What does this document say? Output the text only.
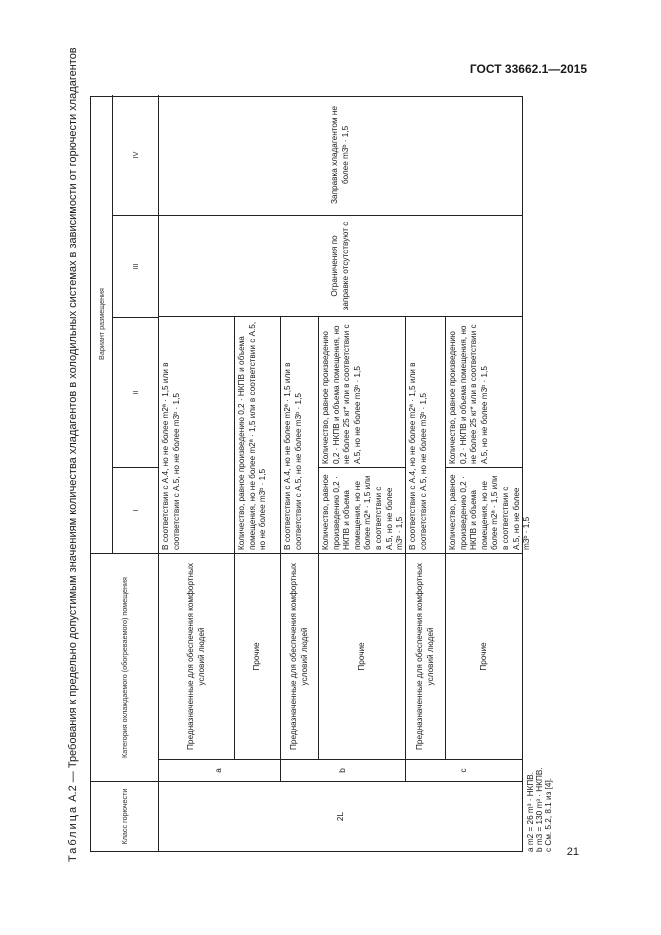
ГОСТ 33662.1—2015
Таблица А.2 — Требования к предельно допустимым значениям количества хладагентов в холодильных системах в зависимости от горючести хладагентов
Класс горючести
Категория охлаждаемого (обогреваемого) помещения
Вариант размещения
I
II
III
IV
2L
a	b	c
Предназначенные для обеспечения комфортных условий людей
В соответствии с А.4, но не более m2ª · 1,5 или в соответствии с А.5, но не более m3ᵇ · 1,5
Прочие
Количество, равное произведению 0,2 · НКПВ и объема помещения, но не более m2ª · 1,5 или в соответствии с А.5, но не более m3ᵇ · 1,5
Предназначенные для обеспечения комфортных условий людей
В соответствии с А.4, но не более m2ª · 1,5 или в соответствии с А.5, но не более m3ᵇ · 1,5
Прочие
Количество, равное произведению 0,2 · НКПВ и объема помещения, но не более m2ª · 1,5 или в соответствии с А.5, но не более m3ᵇ · 1,5
Количество, равное произведению 0,2 · НКПВ и объема помещения, но не более 25 кг* или в соответствии с А.5, но не более m3ᵇ · 1,5
Предназначенные для обеспечения комфортных условий людей
В соответствии с А.4, но не более m2ª · 1,5 или в соответствии с А.5, но не более m3ᵇ · 1,5
Прочие
Количество, равное произведению 0,2 · НКПВ и объема помещения, но не более m2ª · 1,5 или в соответствии с А.5, но не более m3ᵇ · 1,5
Количество, равное произведению 0,2 · НКПВ и объема помещения, но не более 25 кг* или в соответствии с А.5, но не более m3ᵇ · 1,5
Ограничения по заправке отсутствуют c
Заправка хладагентом не более m3ᵇ · 1,5
a m2 = 26 m³ · НКПВ. b m3 = 130 m³ · НКПВ. c См. 5.2, 8.1 из [4]. 21
